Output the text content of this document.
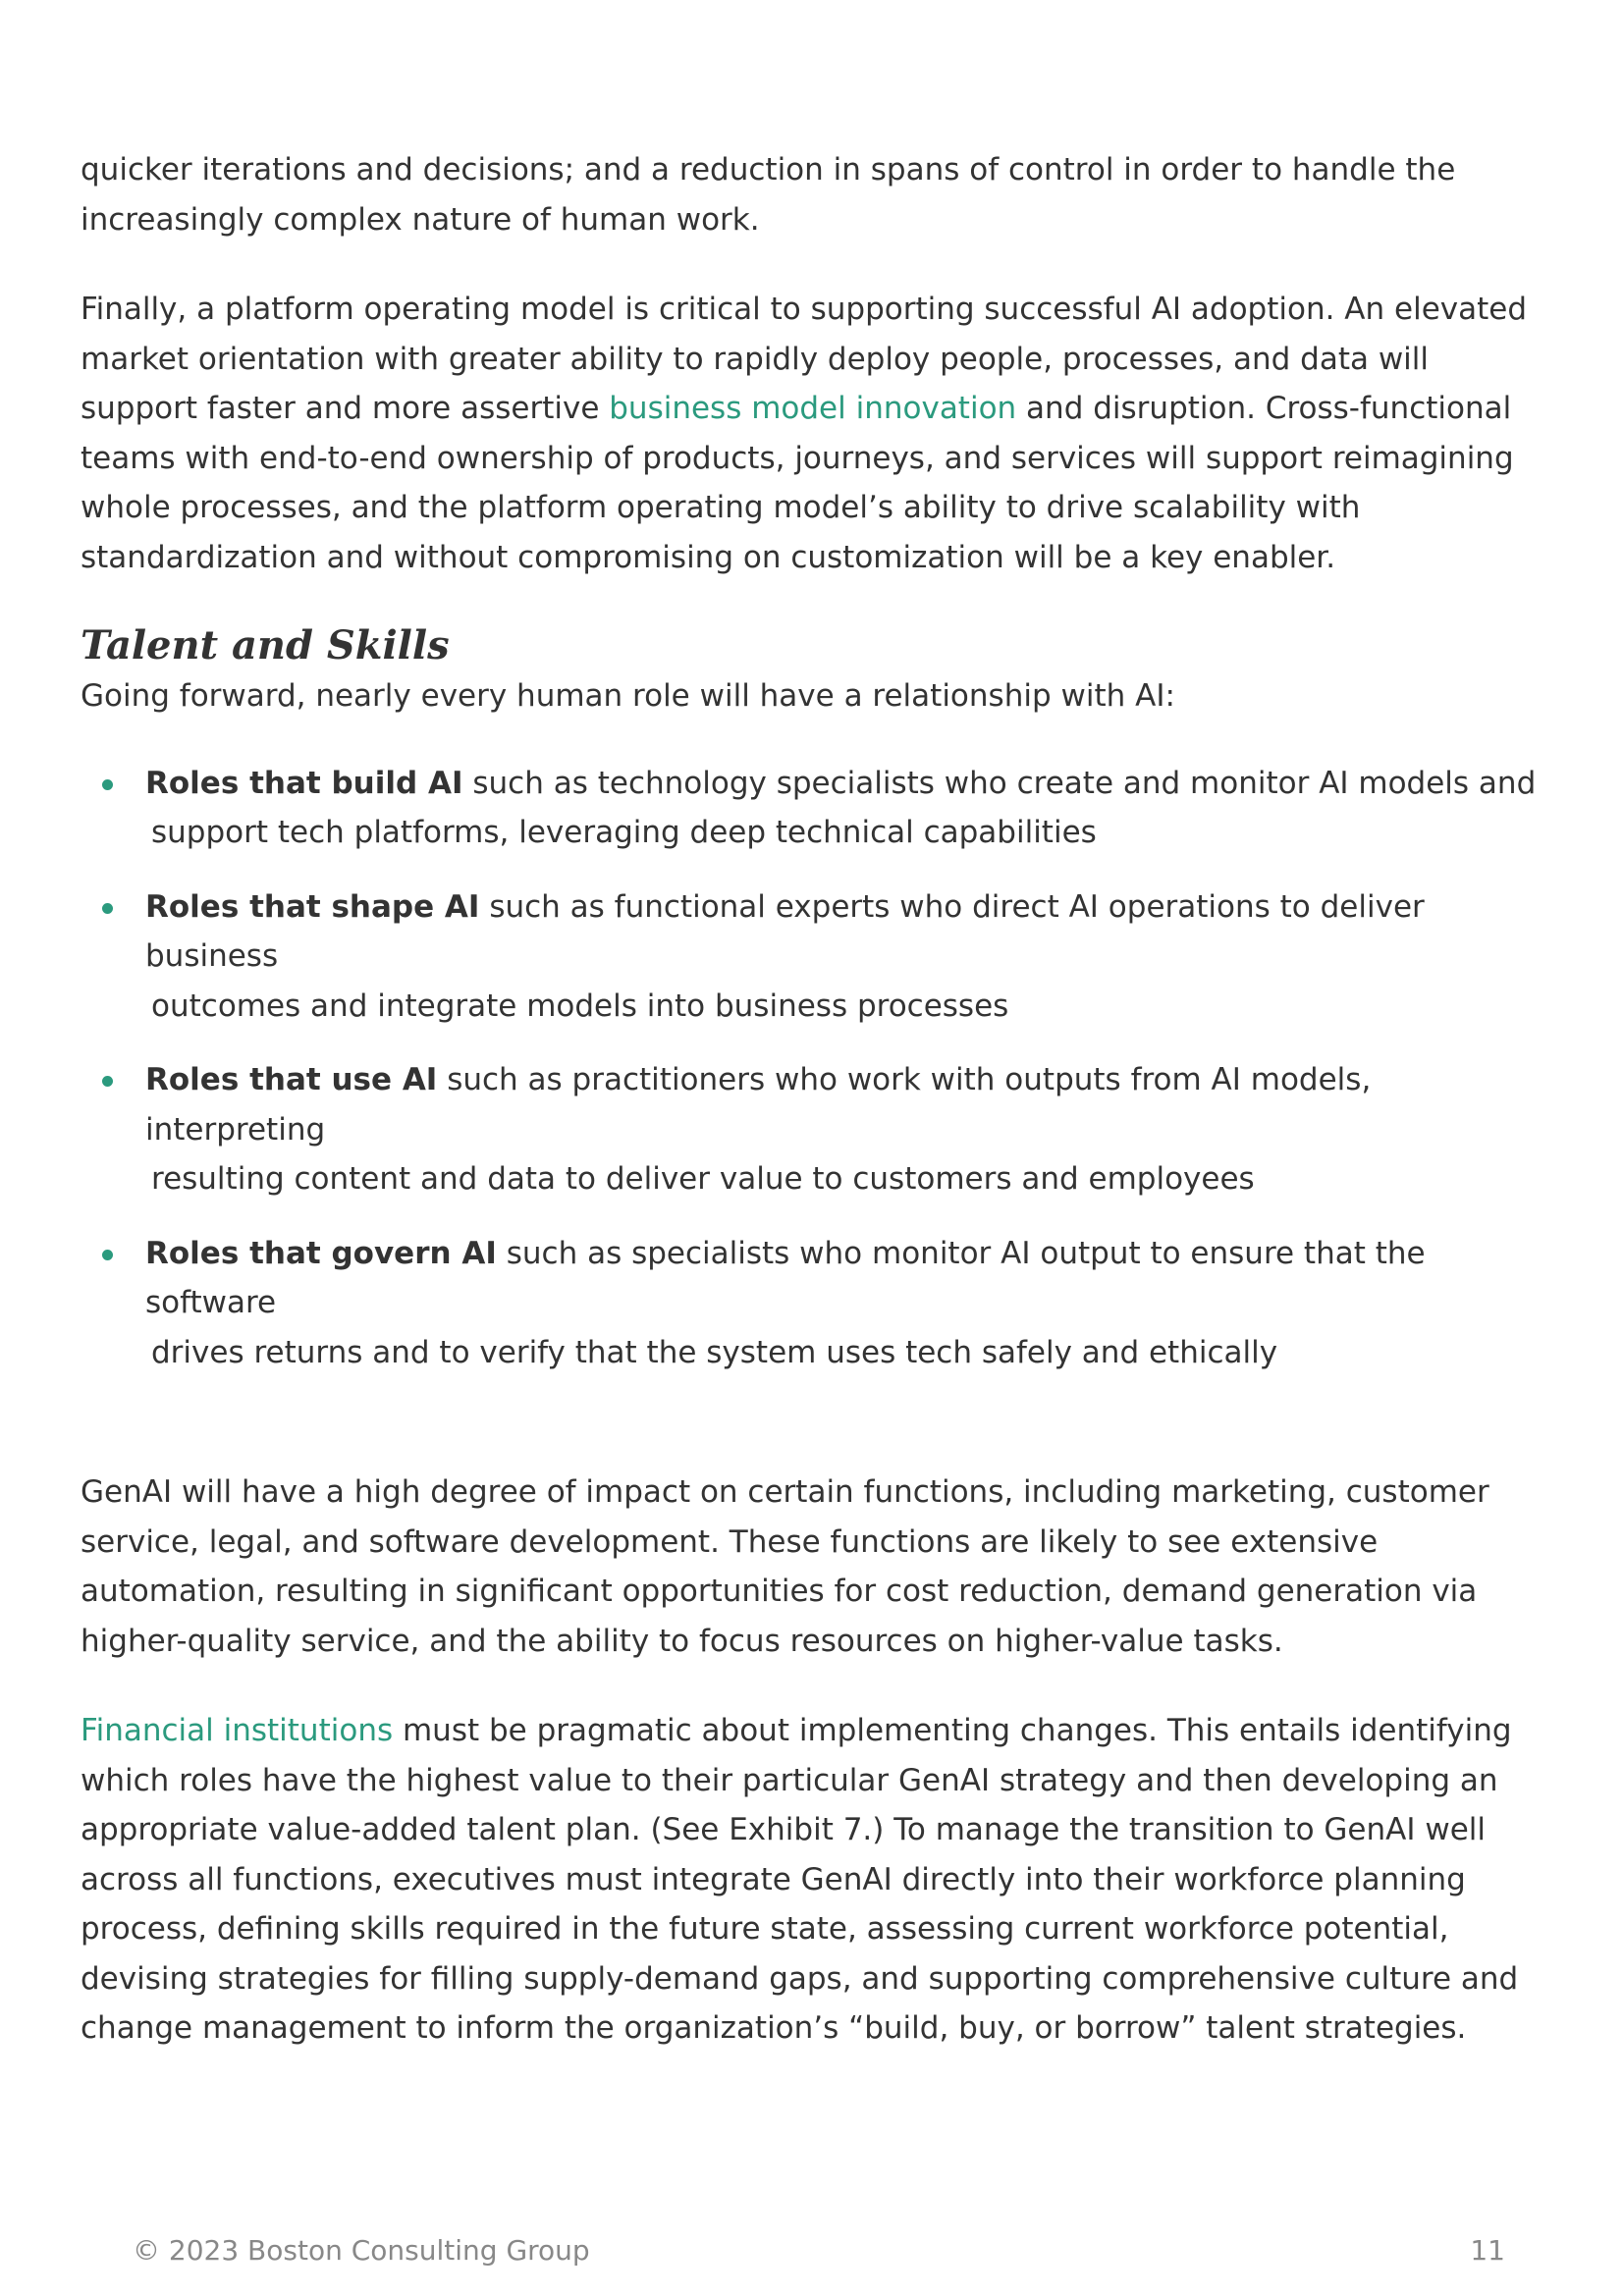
quicker iterations and decisions; and a reduction in spans of control in order to handle the increasingly complex nature of human work.

Finally, a platform operating model is critical to supporting successful AI adoption. An elevated market orientation with greater ability to rapidly deploy people, processes, and data will support faster and more assertive business model innovation and disruption. Cross-functional teams with end-to-end ownership of products, journeys, and services will support reimagining whole processes, and the platform operating model’s ability to drive scalability with standardization and without compromising on customization will be a key enabler.

Talent and Skills

Going forward, nearly every human role will have a relationship with AI:

Roles that build AI such as technology specialists who create and monitor AI models and
support tech platforms, leveraging deep technical capabilities
Roles that shape AI such as functional experts who direct AI operations to deliver business
outcomes and integrate models into business processes
Roles that use AI such as practitioners who work with outputs from AI models, interpreting
resulting content and data to deliver value to customers and employees
Roles that govern AI such as specialists who monitor AI output to ensure that the software
drives returns and to verify that the system uses tech safely and ethically

GenAI will have a high degree of impact on certain functions, including marketing, customer service, legal, and software development. These functions are likely to see extensive automation, resulting in significant opportunities for cost reduction, demand generation via higher-quality service, and the ability to focus resources on higher-value tasks.

Financial institutions must be pragmatic about implementing changes. This entails identifying which roles have the highest value to their particular GenAI strategy and then developing an appropriate value-added talent plan. (See Exhibit 7.) To manage the transition to GenAI well across all functions, executives must integrate GenAI directly into their workforce planning process, defining skills required in the future state, assessing current workforce potential, devising strategies for filling supply-demand gaps, and supporting comprehensive culture and change management to inform the organization’s “build, buy, or borrow” talent strategies.

© 2023 Boston Consulting Group	11
